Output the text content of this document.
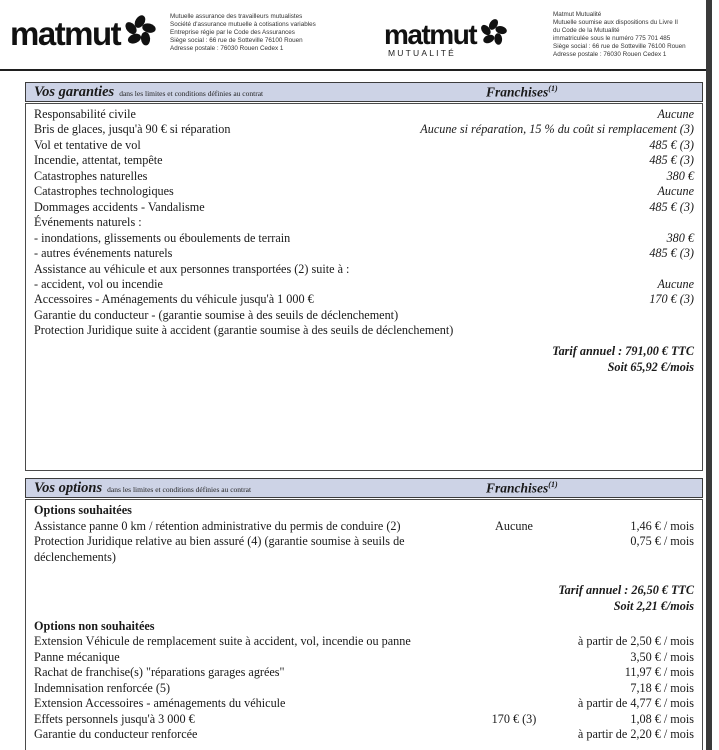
matmut	Mutuelle assurance des travailleurs mutualistes
Société d'assurance mutuelle à cotisations variables
Entreprise régie par le Code des Assurances
Siège social : 66 rue de Sotteville 76100 Rouen
Adresse postale : 76030 Rouen Cedex 1	matmut
MUTUALITÉ
Matmut Mutualité
Mutuelle soumise aux dispositions du Livre II
du Code de la Mutualité
immatriculée sous le numéro 775 701 485
Siège social : 66 rue de Sotteville 76100 Rouen
Adresse postale : 76030 Rouen Cedex 1
Vos garanties dans les limites et conditions définies au contrat	Franchises$^{(1)}$
Responsabilité civile	Aucune
Bris de glaces, jusqu'à 90 € si réparation	Aucune si réparation, 15 % du coût si remplacement (3)
Vol et tentative de vol	485 € (3)
Incendie, attentat, tempête	485 € (3)
Catastrophes naturelles	380 €
Catastrophes technologiques	Aucune
Dommages accidents - Vandalisme	485 € (3)
Événements naturels :
- inondations, glissements ou éboulements de terrain	380 €
- autres événements naturels	485 € (3)
Assistance au véhicule et aux personnes transportées (2) suite à :
- accident, vol ou incendie	Aucune
Accessoires - Aménagements du véhicule jusqu'à 1 000 €	170 € (3)
Garantie du conducteur - (garantie soumise à des seuils de déclenchement)
Protection Juridique suite à accident (garantie soumise à des seuils de déclenchement)
Tarif annuel : 791,00 € TTC
Soit 65,92 €/mois
Vos options dans les limites et conditions définies au contrat	Franchises$^{(1)}$
Options souhaitées
Assistance panne 0 km / rétention administrative du permis de conduire (2)	Aucune	1,46 € / mois
Protection Juridique relative au bien assuré (4) (garantie soumise à seuils de déclenchements)
0,75 € / mois
Tarif annuel : 26,50 € TTC
Soit 2,21 €/mois
Options non souhaitées
Extension Véhicule de remplacement suite à accident, vol, incendie ou panne	à partir de 2,50 € / mois
Panne mécanique	3,50 € / mois
Rachat de franchise(s) "réparations garages agrées"	11,97 € / mois
Indemnisation renforcée (5)	7,18 € / mois
Extension Accessoires - aménagements du véhicule	à partir de 4,77 € / mois
Effets personnels jusqu'à 3 000 €	170 € (3)	1,08 € / mois
Garantie du conducteur renforcée	à partir de 2,20 € / mois
